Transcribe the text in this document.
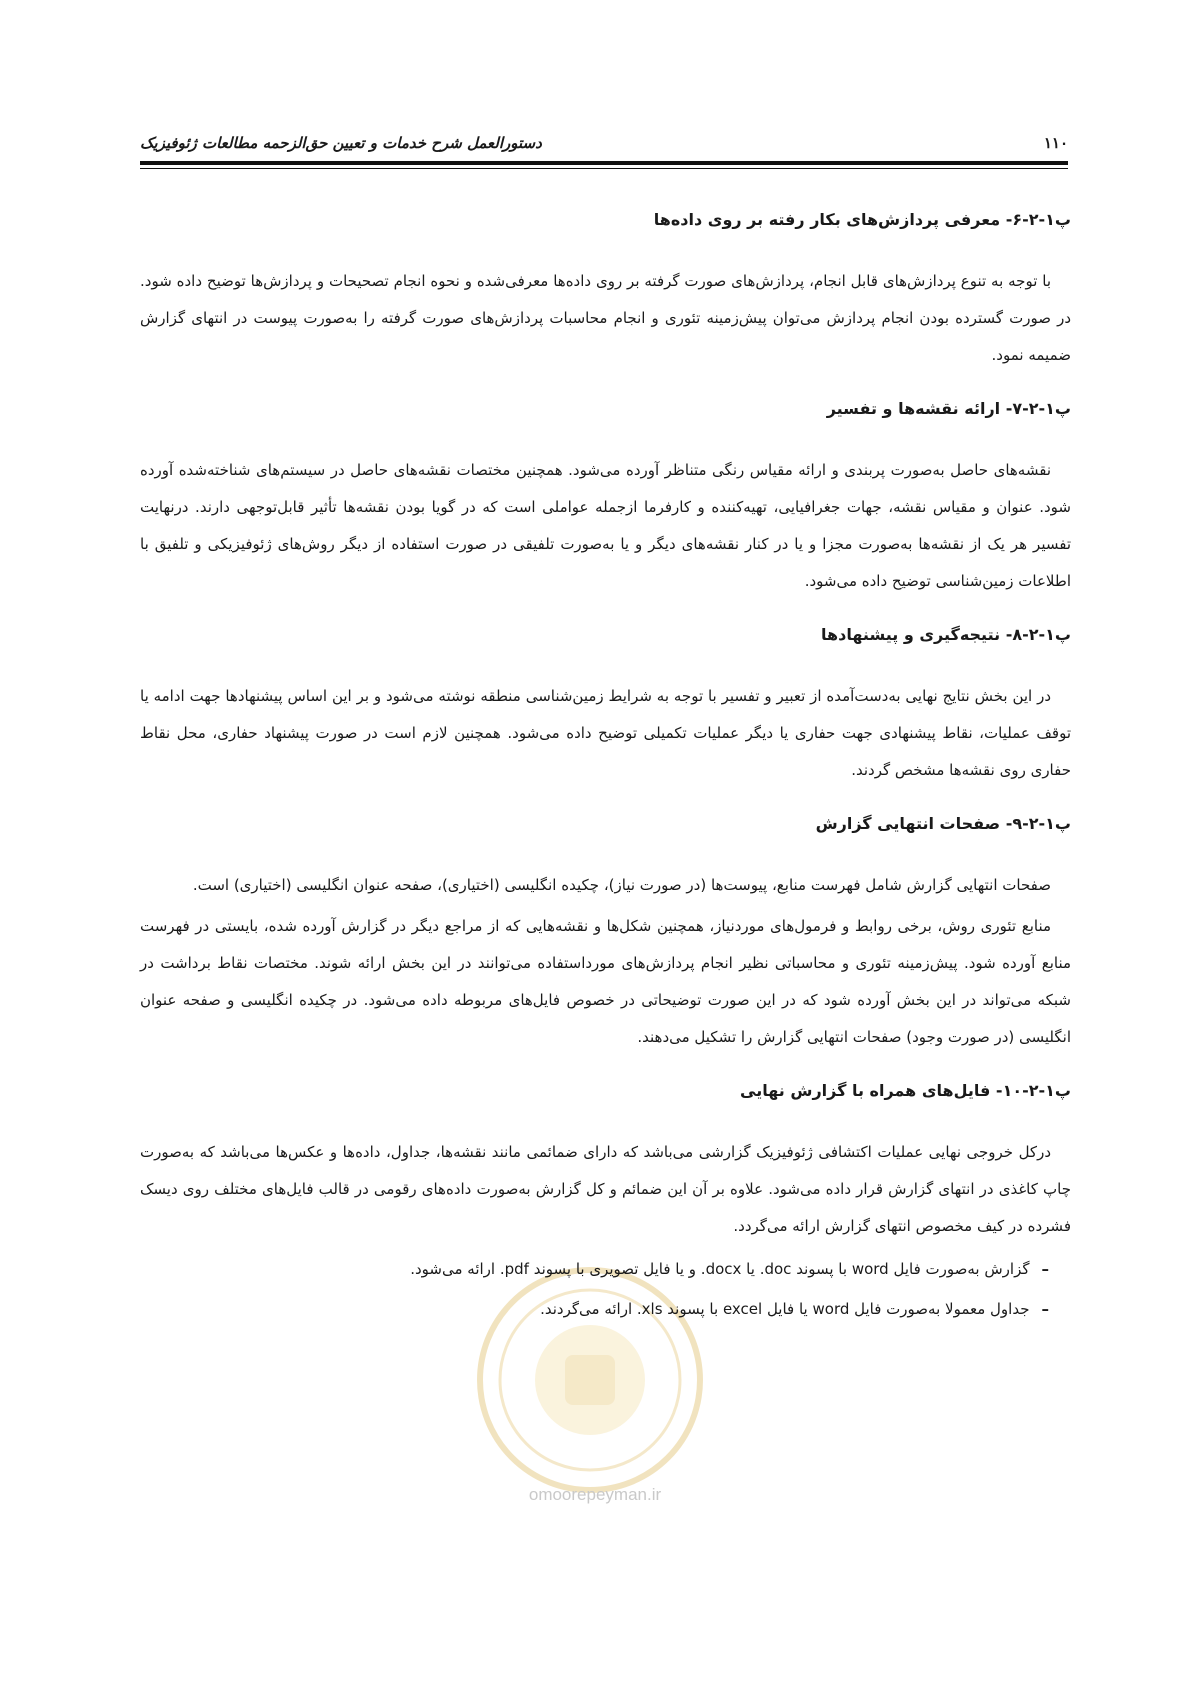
۱۱۰
دستورالعمل شرح خدمات و تعیین حق‌الزحمه مطالعات ژئوفیزیک
omoorepeyman.ir
پ۱-۲-۶- معرفی پردازش‌های بکار رفته بر روی داده‌ها

با توجه به تنوع پردازش‌های قابل انجام، پردازش‌های صورت گرفته بر روی داده‌ها معرفی‌شده و نحوه انجام تصحیحات و پردازش‌ها توضیح داده شود. در صورت گسترده بودن انجام پردازش می‌توان پیش‌زمینه تئوری و انجام محاسبات پردازش‌های صورت گرفته را به‌صورت پیوست در انتهای گزارش ضمیمه نمود.

پ۱-۲-۷- ارائه نقشه‌ها و تفسیر

نقشه‌های حاصل به‌صورت پربندی و ارائه مقیاس رنگی متناظر آورده می‌شود. همچنین مختصات نقشه‌های حاصل در سیستم‌های شناخته‌شده آورده شود. عنوان و مقیاس نقشه، جهات جغرافیایی، تهیه‌کننده و کارفرما ازجمله عواملی است که در گویا بودن نقشه‌ها تأثیر قابل‌توجهی دارند. درنهایت تفسیر هر یک از نقشه‌ها به‌صورت مجزا و یا در کنار نقشه‌های دیگر و یا به‌صورت تلفیقی در صورت استفاده از دیگر روش‌های ژئوفیزیکی و تلفیق با اطلاعات زمین‌شناسی توضیح داده می‌شود.

پ۱-۲-۸- نتیجه‌گیری و پیشنهادها

در این بخش نتایج نهایی به‌دست‌آمده از تعبیر و تفسیر با توجه به شرایط زمین‌شناسی منطقه نوشته می‌شود و بر این اساس پیشنهادها جهت ادامه یا توقف عملیات، نقاط پیشنهادی جهت حفاری یا دیگر عملیات تکمیلی توضیح داده می‌شود. همچنین لازم است در صورت پیشنهاد حفاری، محل نقاط حفاری روی نقشه‌ها مشخص گردند.

پ۱-۲-۹- صفحات انتهایی گزارش

صفحات انتهایی گزارش شامل فهرست منابع، پیوست‌ها (در صورت نیاز)، چکیده انگلیسی (اختیاری)، صفحه عنوان انگلیسی (اختیاری) است.

منابع تئوری روش، برخی روابط و فرمول‌های موردنیاز، همچنین شکل‌ها و نقشه‌هایی که از مراجع دیگر در گزارش آورده شده، بایستی در فهرست منابع آورده شود. پیش‌زمینه تئوری و محاسباتی نظیر انجام پردازش‌های مورداستفاده می‌توانند در این بخش ارائه شوند. مختصات نقاط برداشت در شبکه می‌تواند در این بخش آورده شود که در این صورت توضیحاتی در خصوص فایل‌های مربوطه داده می‌شود. در چکیده انگلیسی و صفحه عنوان انگلیسی (در صورت وجود) صفحات انتهایی گزارش را تشکیل می‌دهند.

پ۱-۲-۱۰- فایل‌های همراه با گزارش نهایی

درکل خروجی نهایی عملیات اکتشافی ژئوفیزیک گزارشی می‌باشد که دارای ضمائمی مانند نقشه‌ها، جداول، داده‌ها و عکس‌ها می‌باشد که به‌صورت چاپ کاغذی در انتهای گزارش قرار داده می‌شود. علاوه بر آن این ضمائم و کل گزارش به‌صورت داده‌های رقومی در قالب فایل‌های مختلف روی دیسک فشرده در کیف مخصوص انتهای گزارش ارائه می‌گردد.

–
گزارش به‌صورت فایل word با پسوند doc. یا docx. و یا فایل تصویری با پسوند pdf. ارائه می‌شود.
–
جداول معمولا به‌صورت فایل word یا فایل excel با پسوند xls. ارائه می‌گردند.
